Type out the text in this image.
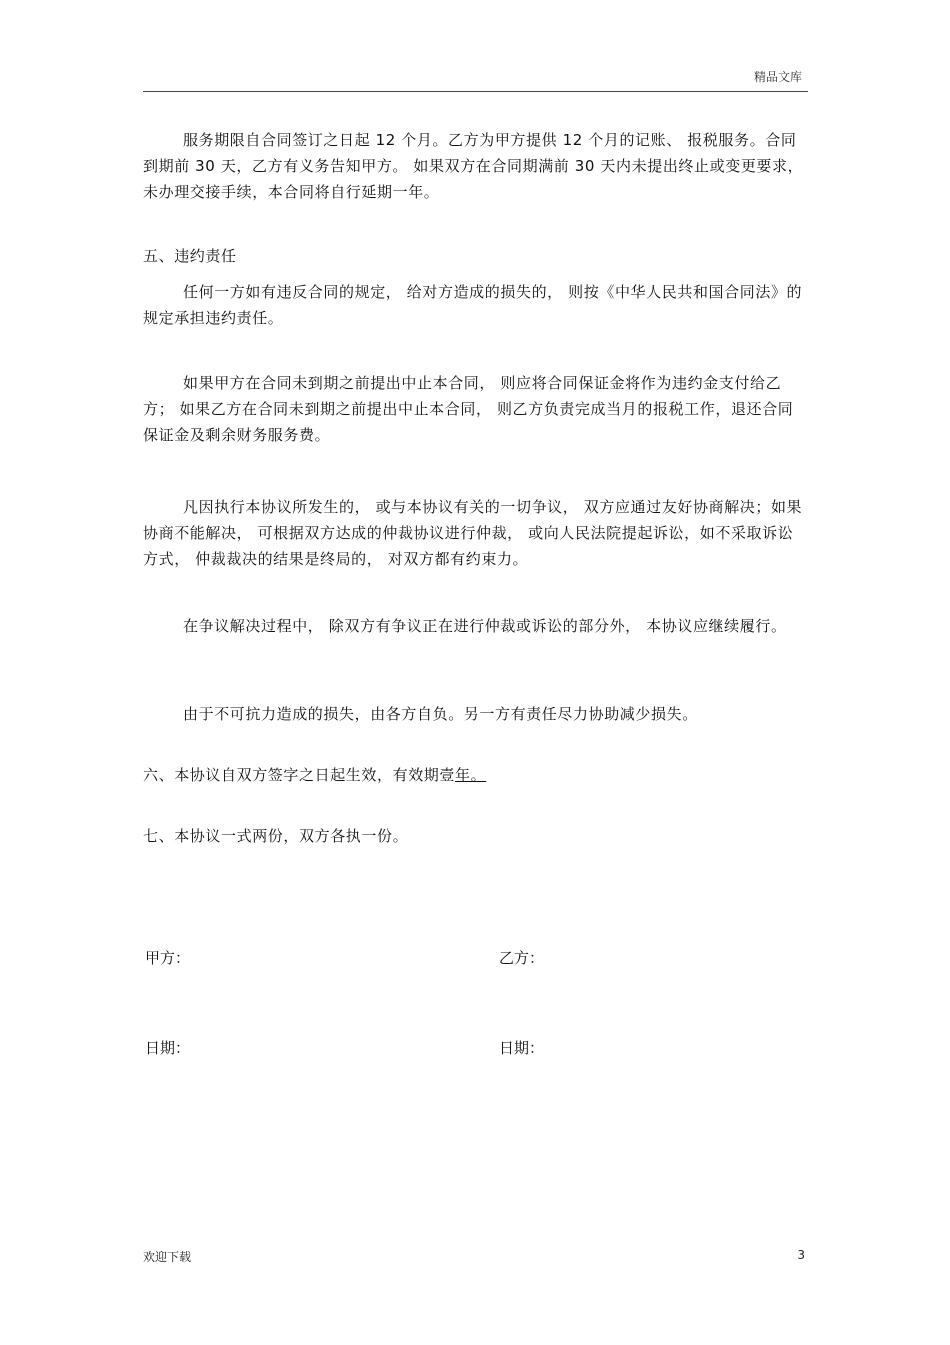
精品文库

服务期限自合同签订之日起 12 个月。乙方为甲方提供 12 个月的记账、 报税服务。合同到期前 30 天，乙方有义务告知甲方。 如果双方在合同期满前 30 天内未提出终止或变更要求，未办理交接手续，本合同将自行延期一年。

五、违约责任

任何一方如有违反合同的规定， 给对方造成的损失的， 则按《中华人民共和国合同法》的规定承担违约责任。

如果甲方在合同未到期之前提出中止本合同， 则应将合同保证金将作为违约金支付给乙方； 如果乙方在合同未到期之前提出中止本合同， 则乙方负责完成当月的报税工作，退还合同保证金及剩余财务服务费。

凡因执行本协议所发生的， 或与本协议有关的一切争议， 双方应通过友好协商解决；如果协商不能解决， 可根据双方达成的仲裁协议进行仲裁， 或向人民法院提起诉讼，如不采取诉讼方式， 仲裁裁决的结果是终局的， 对双方都有约束力。

在争议解决过程中， 除双方有争议正在进行仲裁或诉讼的部分外， 本协议应继续履行。

由于不可抗力造成的损失，由各方自负。另一方有责任尽力协助减少损失。

六、本协议自双方签字之日起生效，有效期壹年。

七、本协议一式两份，双方各执一份。

甲方：	乙方：
日期：	日期：
欢迎下载	3
